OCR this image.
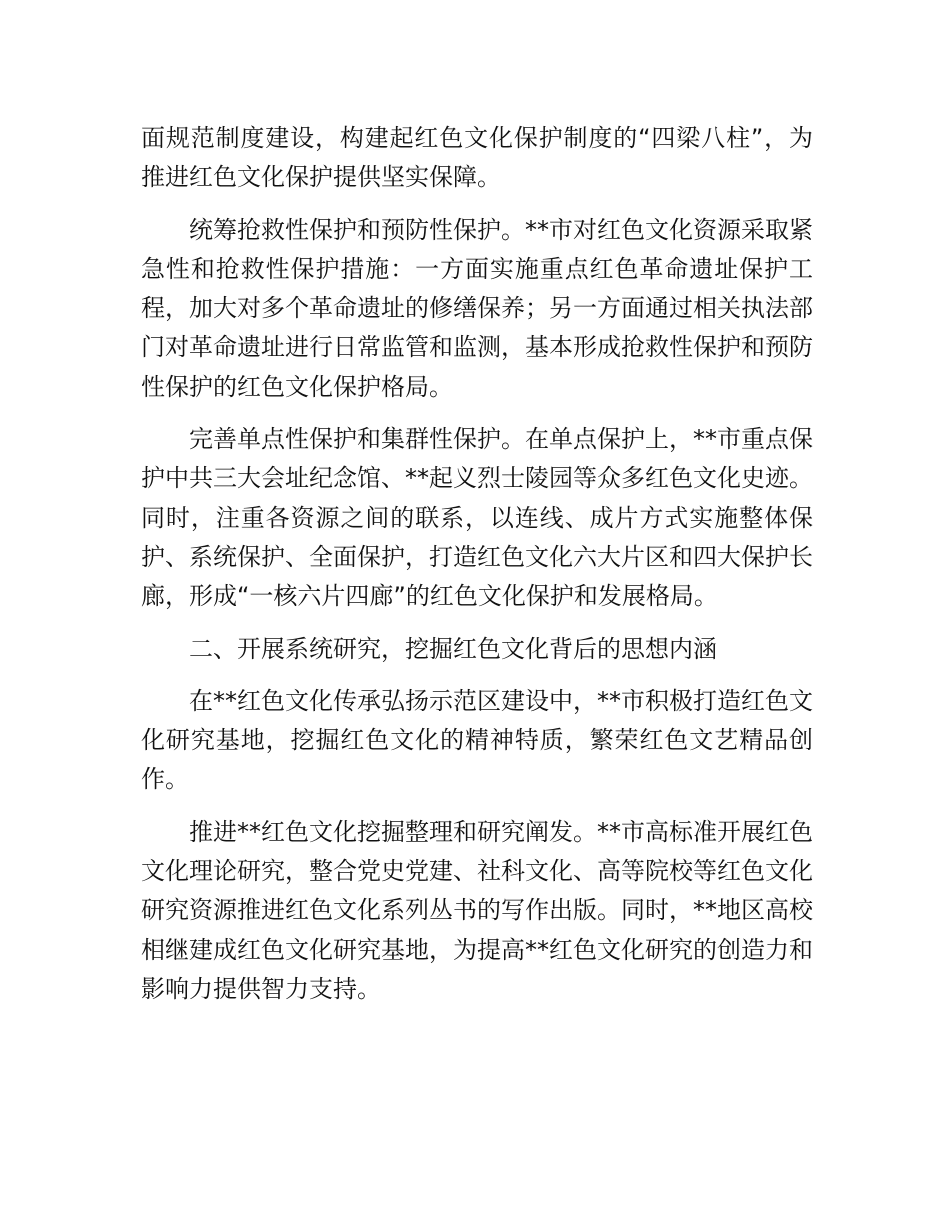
面规范制度建设，构建起红色文化保护制度的“四梁八柱”，为推进红色文化保护提供坚实保障。

统筹抢救性保护和预防性保护。**市对红色文化资源采取紧急性和抢救性保护措施：一方面实施重点红色革命遗址保护工程，加大对多个革命遗址的修缮保养；另一方面通过相关执法部门对革命遗址进行日常监管和监测，基本形成抢救性保护和预防性保护的红色文化保护格局。

完善单点性保护和集群性保护。在单点保护上，**市重点保护中共三大会址纪念馆、**起义烈士陵园等众多红色文化史迹。同时，注重各资源之间的联系，以连线、成片方式实施整体保护、系统保护、全面保护，打造红色文化六大片区和四大保护长廊，形成“一核六片四廊”的红色文化保护和发展格局。

二、开展系统研究，挖掘红色文化背后的思想内涵

在**红色文化传承弘扬示范区建设中，**市积极打造红色文化研究基地，挖掘红色文化的精神特质，繁荣红色文艺精品创作。

推进**红色文化挖掘整理和研究阐发。**市高标准开展红色文化理论研究，整合党史党建、社科文化、高等院校等红色文化研究资源推进红色文化系列丛书的写作出版。同时，**地区高校相继建成红色文化研究基地，为提高**红色文化研究的创造力和影响力提供智力支持。
